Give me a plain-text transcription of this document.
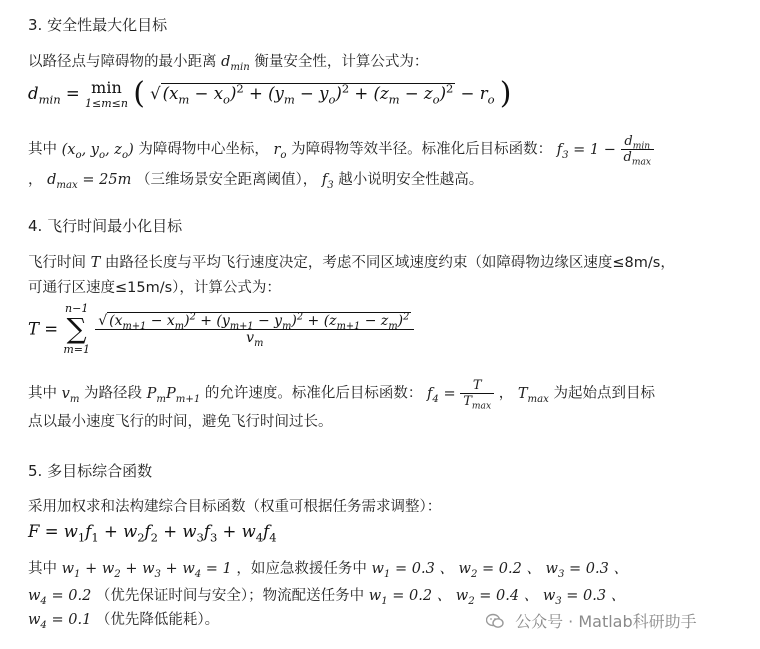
3. 安全性最大化目标
以路径点与障碍物的最小距离 $d_{min}$ 衡量安全性，计算公式为：
$d_{min} = \min$
1≤m≤n ( √ $(x_m - x_o)^2 + (y_m - y_o)^2 + (z_m - z_o)^2 - r_o$ )
其中 ($x_o$, $y_o$, $z_o$) 为障碍物中心坐标， $r_o$ 为障碍物等效半径。标准化后目标函数： $f_3 = 1 - \frac{d_{min}}{d_{max}}$
， $d_{max} = 25m$ （三维场景安全距离阈值）， $f_3$ 越小说明安全性越高。
4. 飞行时间最小化目标
飞行时间 T 由路径长度与平均飞行速度决定，考虑不同区域速度约束（如障碍物边缘区速度≤8m/s，
可通行区速度≤15m/s），计算公式为：
T =
n−1
∑
m=1

$\frac{√ (x_{m+1} - x_m)^2 + (y_{m+1} - y_m)^2 + (z_{m+1} - z_m)^2}{v_m}$
其中 $v_m$ 为路径段 $P_mP_{m+1}$ 的允许速度。标准化后目标函数： $f_4 = \frac{T}{T_{max}}$ ， $T_{max}$ 为起始点到目标
点以最小速度飞行的时间，避免飞行时间过长。
5. 多目标综合函数
采用加权求和法构建综合目标函数（权重可根据任务需求调整）：
$F = w_1f_1 + w_2f_2 + w_3f_3 + w_4f_4$
其中 $w_1 + w_2 + w_3 + w_4 = 1$ ，如应急救援任务中 $w_1 = 0.3$ 、 $w_2 = 0.2$ 、 $w_3 = 0.3$ 、
$w_4 = 0.2$ （优先保证时间与安全）；物流配送任务中 $w_1 = 0.2$ 、 $w_2 = 0.4$ 、 $w_3 = 0.3$ 、
$w_4 = 0.1$ （优先降低能耗）。	公众号 · Matlab科研助手
